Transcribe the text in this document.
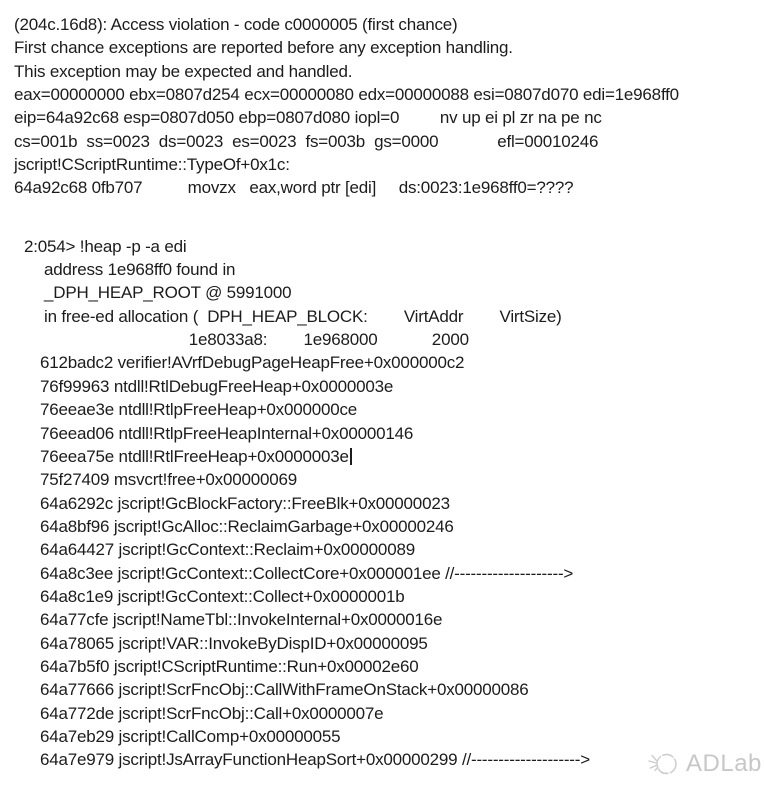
(204c.16d8): Access violation - code c0000005 (first chance)
First chance exceptions are reported before any exception handling.
This exception may be expected and handled.
eax=00000000 ebx=0807d254 ecx=00000080 edx=00000088 esi=0807d070 edi=1e968ff0
eip=64a92c68 esp=0807d050 ebp=0807d080 iopl=0         nv up ei pl zr na pe nc
cs=001b  ss=0023  ds=0023  es=0023  fs=003b  gs=0000             efl=00010246
jscript!CScriptRuntime::TypeOf+0x1c:
64a92c68 0fb707          movzx   eax,word ptr [edi]     ds:0023:1e968ff0=????
2:054> !heap -p -a edi
address 1e968ff0 found in
_DPH_HEAP_ROOT @ 5991000
in free-ed allocation (  DPH_HEAP_BLOCK:        VirtAddr        VirtSize)
1e8033a8:        1e968000            2000
612badc2 verifier!AVrfDebugPageHeapFree+0x000000c2
76f99963 ntdll!RtlDebugFreeHeap+0x0000003e
76eeae3e ntdll!RtlpFreeHeap+0x000000ce
76eead06 ntdll!RtlpFreeHeapInternal+0x00000146
76eea75e ntdll!RtlFreeHeap+0x0000003e
75f27409 msvcrt!free+0x00000069
64a6292c jscript!GcBlockFactory::FreeBlk+0x00000023
64a8bf96 jscript!GcAlloc::ReclaimGarbage+0x00000246
64a64427 jscript!GcContext::Reclaim+0x00000089
64a8c3ee jscript!GcContext::CollectCore+0x000001ee //-------------------->
64a8c1e9 jscript!GcContext::Collect+0x0000001b
64a77cfe jscript!NameTbl::InvokeInternal+0x0000016e
64a78065 jscript!VAR::InvokeByDispID+0x00000095
64a7b5f0 jscript!CScriptRuntime::Run+0x00002e60
64a77666 jscript!ScrFncObj::CallWithFrameOnStack+0x00000086
64a772de jscript!ScrFncObj::Call+0x0000007e
64a7eb29 jscript!CallComp+0x00000055
64a7e979 jscript!JsArrayFunctionHeapSort+0x00000299 //-------------------->	ADLab
